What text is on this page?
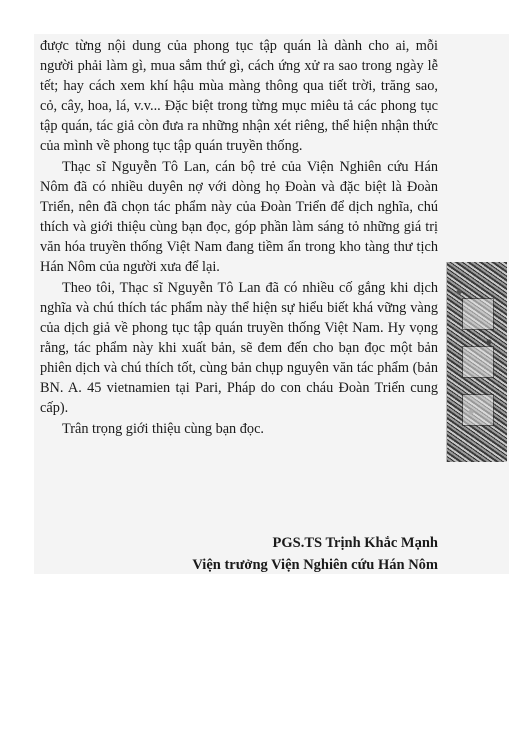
được từng nội dung của phong tục tập quán là dành cho ai, mỗi người phải làm gì, mua sắm thứ gì, cách ứng xử ra sao trong ngày lễ tết; hay cách xem khí hậu mùa màng thông qua tiết trời, trăng sao, cỏ, cây, hoa, lá, v.v... Đặc biệt trong từng mục miêu tả các phong tục tập quán, tác giả còn đưa ra những nhận xét riêng, thể hiện nhận thức của mình về phong tục tập quán truyền thống.

Thạc sĩ Nguyễn Tô Lan, cán bộ trẻ của Viện Nghiên cứu Hán Nôm đã có nhiều duyên nợ với dòng họ Đoàn và đặc biệt là Đoàn Triển, nên đã chọn tác phẩm này của Đoàn Triển để dịch nghĩa, chú thích và giới thiệu cùng bạn đọc, góp phần làm sáng tỏ những giá trị văn hóa truyền thống Việt Nam đang tiềm ẩn trong kho tàng thư tịch Hán Nôm của người xưa để lại.

Theo tôi, Thạc sĩ Nguyễn Tô Lan đã có nhiều cố gắng khi dịch nghĩa và chú thích tác phẩm này thể hiện sự hiểu biết khá vững vàng của dịch giả về phong tục tập quán truyền thống Việt Nam. Hy vọng rằng, tác phẩm này khi xuất bản, sẽ đem đến cho bạn đọc một bản phiên dịch và chú thích tốt, cùng bản chụp nguyên văn tác phẩm (bản BN. A. 45 vietnamien tại Pari, Pháp do con cháu Đoàn Triển cung cấp).

Trân trọng giới thiệu cùng bạn đọc.

PGS.TS Trịnh Khắc Mạnh
Viện trưởng Viện Nghiên cứu Hán Nôm
